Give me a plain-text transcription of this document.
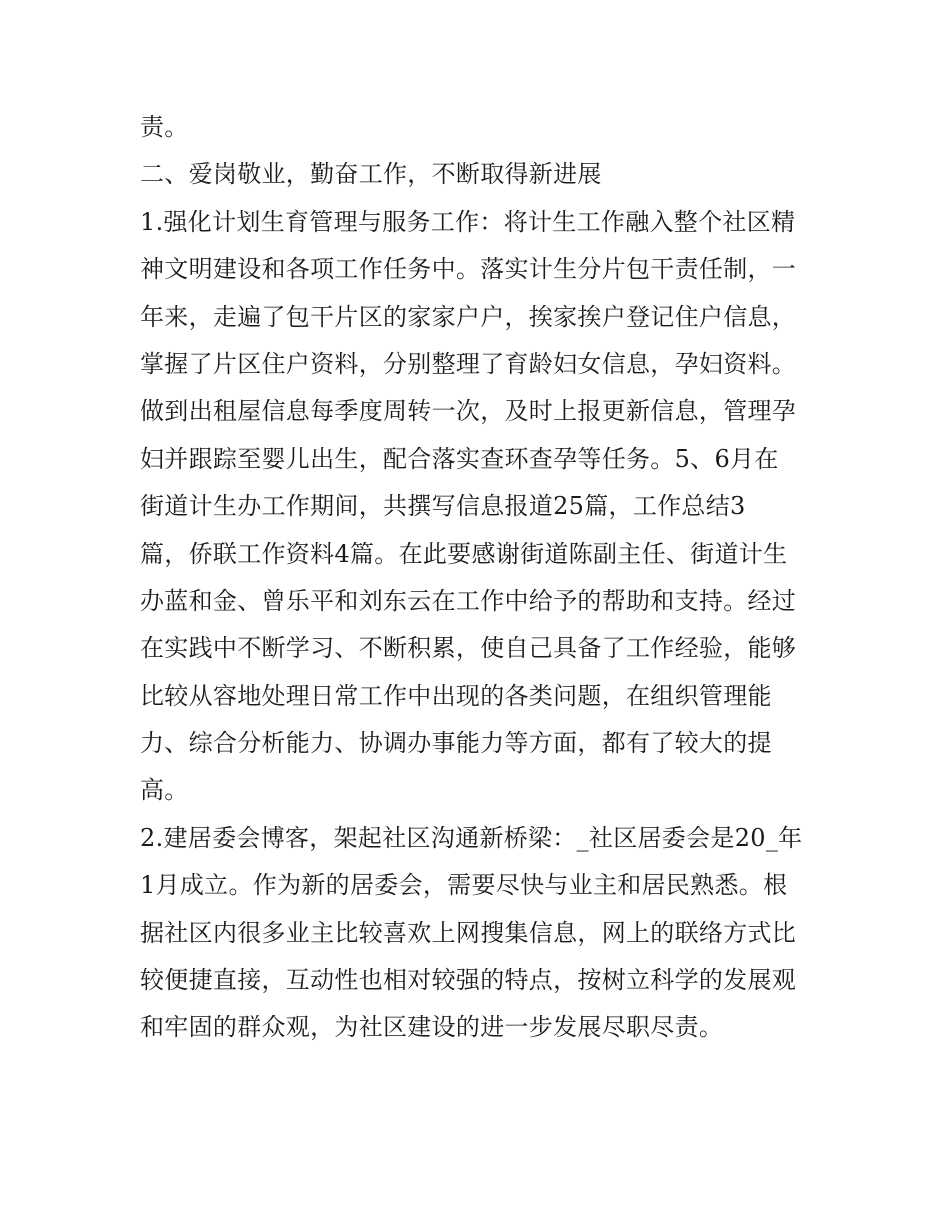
责。
二、爱岗敬业，勤奋工作，不断取得新进展
1.强化计划生育管理与服务工作：将计生工作融入整个社区精
神文明建设和各项工作任务中。落实计生分片包干责任制，一
年来，走遍了包干片区的家家户户，挨家挨户登记住户信息，
掌握了片区住户资料，分别整理了育龄妇女信息，孕妇资料。
做到出租屋信息每季度周转一次，及时上报更新信息，管理孕
妇并跟踪至婴儿出生，配合落实查环查孕等任务。5、6月在
街道计生办工作期间，共撰写信息报道25篇，工作总结3
篇，侨联工作资料4篇。在此要感谢街道陈副主任、街道计生
办蓝和金、曾乐平和刘东云在工作中给予的帮助和支持。经过
在实践中不断学习、不断积累，使自己具备了工作经验，能够
比较从容地处理日常工作中出现的各类问题，在组织管理能
力、综合分析能力、协调办事能力等方面，都有了较大的提
高。
2.建居委会博客，架起社区沟通新桥梁：_社区居委会是20_年
1月成立。作为新的居委会，需要尽快与业主和居民熟悉。根
据社区内很多业主比较喜欢上网搜集信息，网上的联络方式比
较便捷直接，互动性也相对较强的特点，按树立科学的发展观
和牢固的群众观，为社区建设的进一步发展尽职尽责。
